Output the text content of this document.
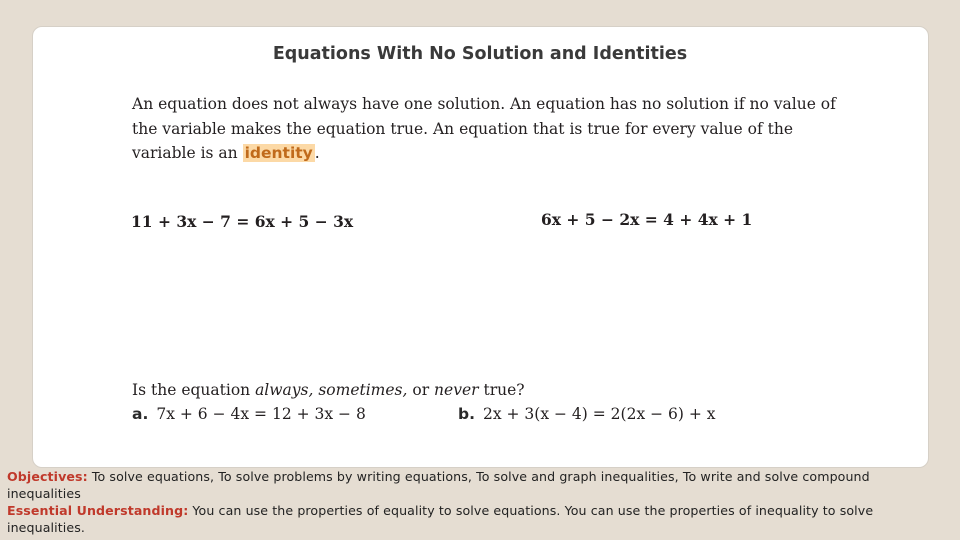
Equations With No Solution and Identities

An equation does not always have one solution. An equation has no solution if no value of the variable makes the equation true. An equation that is true for every value of the variable is an identity .

11 + 3x − 7 = 6x + 5 − 3x	6x + 5 − 2x = 4 + 4x + 1
Is the equation always, sometimes, or never true?
a. 7x + 6 − 4x = 12 + 3x − 8	b. 2x + 3(x − 4) = 2(2x − 6) + x
Objectives: To solve equations, To solve problems by writing equations, To solve and graph inequalities, To write and solve compound inequalities
Essential Understanding: You can use the properties of equality to solve equations. You can use the properties of inequality to solve inequalities.
